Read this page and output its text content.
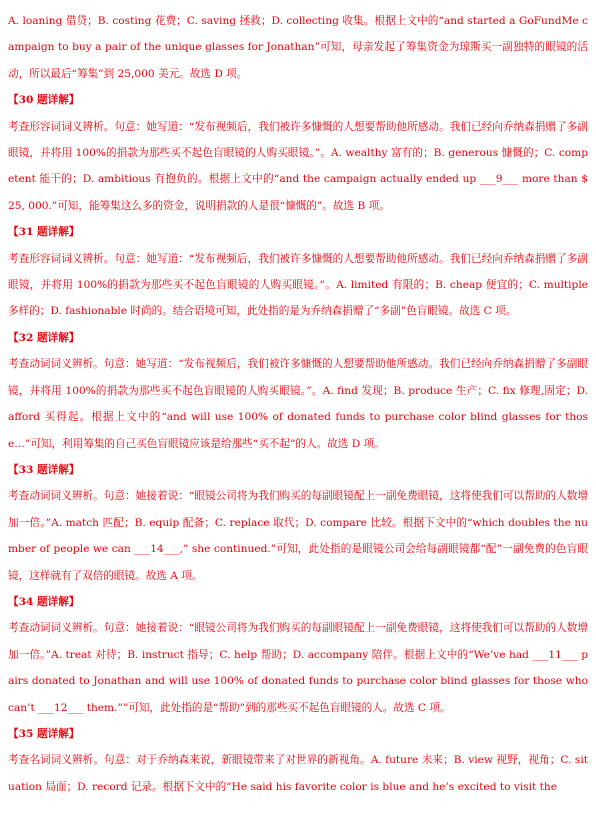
A. loaning 借贷；B. costing 花费；C. saving 拯救；D. collecting 收集。根据上文中的“and started a GoFundMe campaign to buy a pair of the unique glasses for Jonathan”可知，母亲发起了筹集资金为琼斯买一副独特的眼镜的活动，所以最后“筹集”到 25,000 美元。故选 D 项。

【30 题详解】

考查形容词词义辨析。句意：她写道：“发布视频后，我们被许多慷慨的人想要帮助他所感动。我们已经向乔纳森捐赠了多副眼镜，并将用 100%的捐款为那些买不起色盲眼镜的人购买眼镜。”。A. wealthy 富有的；B. generous 慷慨的；C. competent 能干的；D. ambitious 有抱负的。根据上文中的“and the campaign actually ended up ___9___ more than $ 25, 000.”可知，能筹集这么多的资金，说明捐款的人是很“慷慨的”。故选 B 项。

【31 题详解】

考查形容词词义辨析。句意：她写道：“发布视频后，我们被许多慷慨的人想要帮助他所感动。我们已经向乔纳森捐赠了多副眼镜，并将用 100%的捐款为那些买不起色盲眼镜的人购买眼镜。”。A. limited 有限的；B. cheap 便宜的；C. multiple 多样的；D. fashionable 时尚的。结合语境可知，此处指的是为乔纳森捐赠了“多副”色盲眼镜。故选 C 项。

【32 题详解】

考查动词词义辨析。句意：她写道：“发布视频后，我们被许多慷慨的人想要帮助他所感动。我们已经向乔纳森捐赠了多副眼镜，并将用 100%的捐款为那些买不起色盲眼镜的人购买眼镜。”。A. find 发现；B. produce 生产；C. fix 修理,固定；D. afford 买得起。根据上文中的“and will use 100% of donated funds to purchase color blind glasses for those…”可知，利用筹集的自己买色盲眼镜应该是给那些“买不起”的人。故选 D 项。

【33 题详解】

考查动词词义辨析。句意：她接着说：“眼镜公司将为我们购买的每副眼镜配上一副免费眼镜，这将使我们可以帮助的人数增加一倍。”A. match 匹配；B. equip 配备；C. replace 取代；D. compare 比较。根据下文中的“which doubles the number of people we can ___14___,” she continued.”可知，此处指的是眼镜公司会给每副眼镜都“配”一副免费的色盲眼镜，这样就有了双倍的眼镜。故选 A 项。

【34 题详解】

考查动词词义辨析。句意：她接着说：“眼镜公司将为我们购买的每副眼镜配上一副免费眼镜，这将使我们可以帮助的人数增加一倍。”A. treat 对待；B. instruct 指导；C. help 帮助；D. accompany 陪伴。根据上文中的“We’ve had ___11___ pairs donated to Jonathan and will use 100% of donated funds to purchase color blind glasses for those who can’t ___12___ them.””可知，此处指的是“帮助”到的那些买不起色盲眼镜的人。故选 C 项。

【35 题详解】

考查名词词义辨析。句意：对于乔纳森来说，新眼镜带来了对世界的新视角。A. future 未来；B. view 视野，视角；C. situation 局面；D. record 记录。根据下文中的“He said his favorite color is blue and he’s excited to visit the
